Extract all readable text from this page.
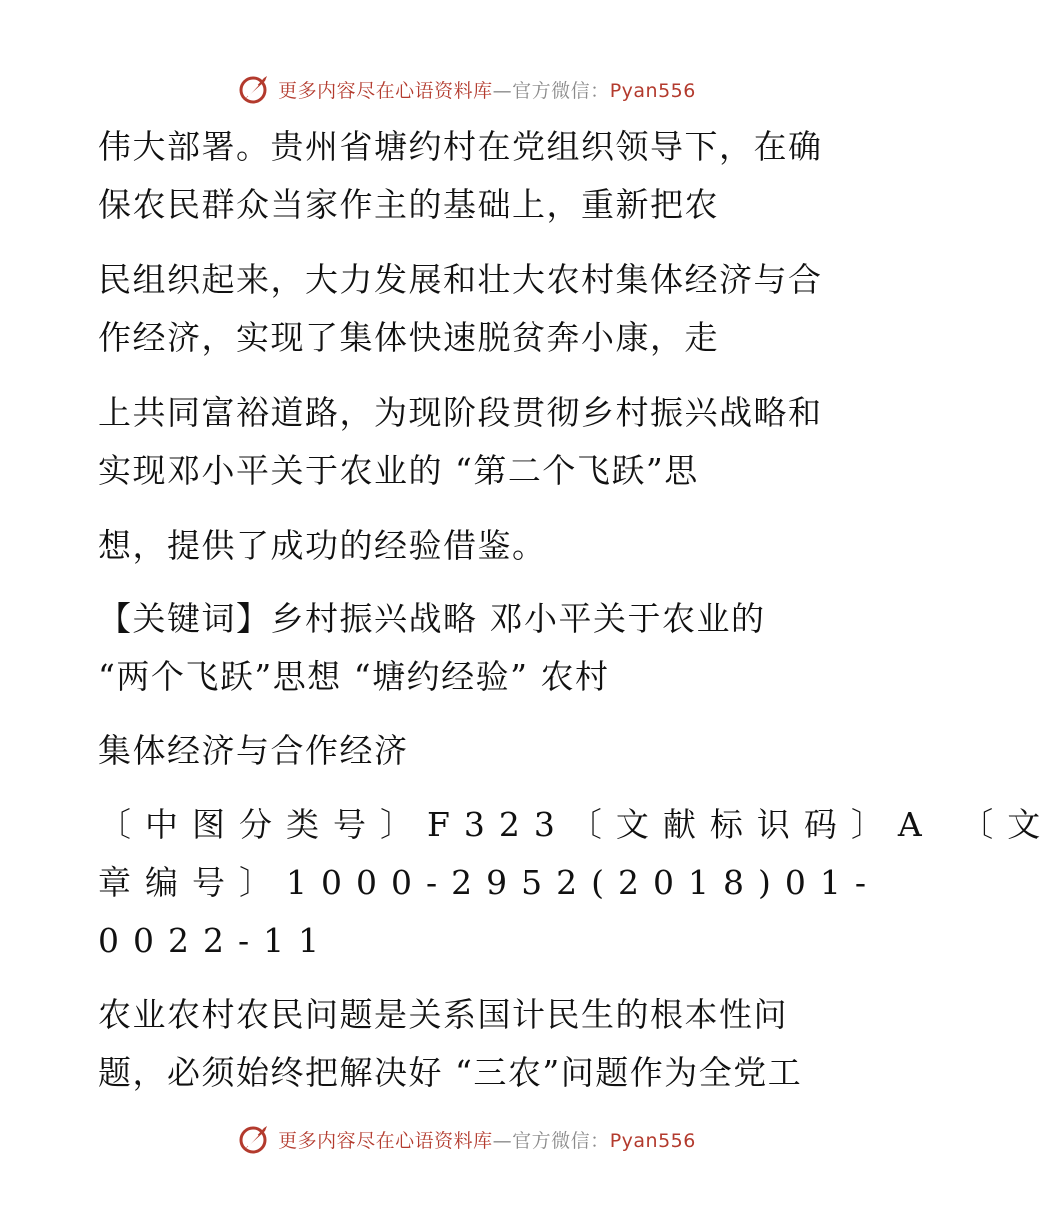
更多内容尽在心语资料库—官方微信：Pyan556
伟大部署。贵州省塘约村在党组织领导下，在确
保农民群众当家作主的基础上，重新把农
民组织起来，大力发展和壮大农村集体经济与合
作经济，实现了集体快速脱贫奔小康，走
上共同富裕道路，为现阶段贯彻乡村振兴战略和
实现邓小平关于农业的 “第二个飞跃”思
想，提供了成功的经验借鉴。
【关键词】乡村振兴战略 邓小平关于农业的
“两个飞跃”思想 “塘约经验” 农村
集体经济与合作经济
〔中图分类号〕F323〔文献标识码〕A 〔文
章编号〕1000-2952(2018)01-
0022-11
农业农村农民问题是关系国计民生的根本性问
题，必须始终把解决好 “三农”问题作为全党工
更多内容尽在心语资料库—官方微信：Pyan556
